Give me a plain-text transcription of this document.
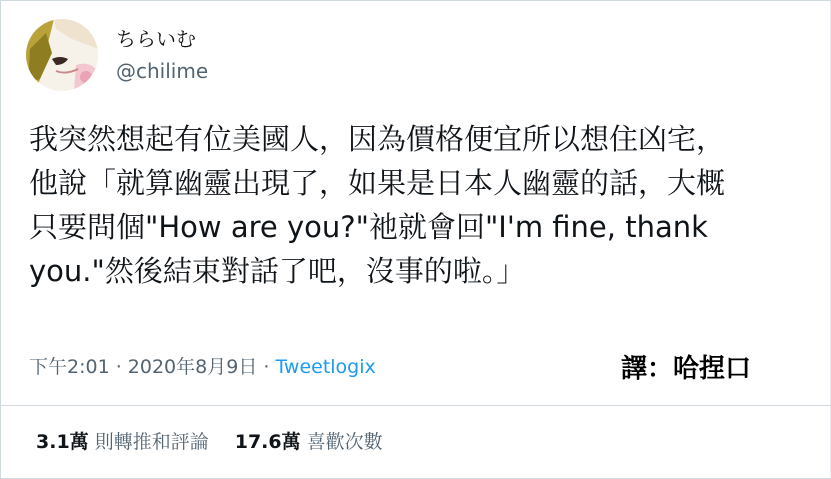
ちらいむ
@chilime
我突然想起有位美國人，因為價格便宜所以想住凶宅，
他說「就算幽靈出現了，如果是日本人幽靈的話，大概
只要問個"How are you?"祂就會回"I'm fine, thank
you."然後結束對話了吧，沒事的啦。」
下午2:01 · 2020年8月9日 · Tweetlogix	譯：哈捏口
3.1萬 則轉推和評論 17.6萬 喜歡次數
